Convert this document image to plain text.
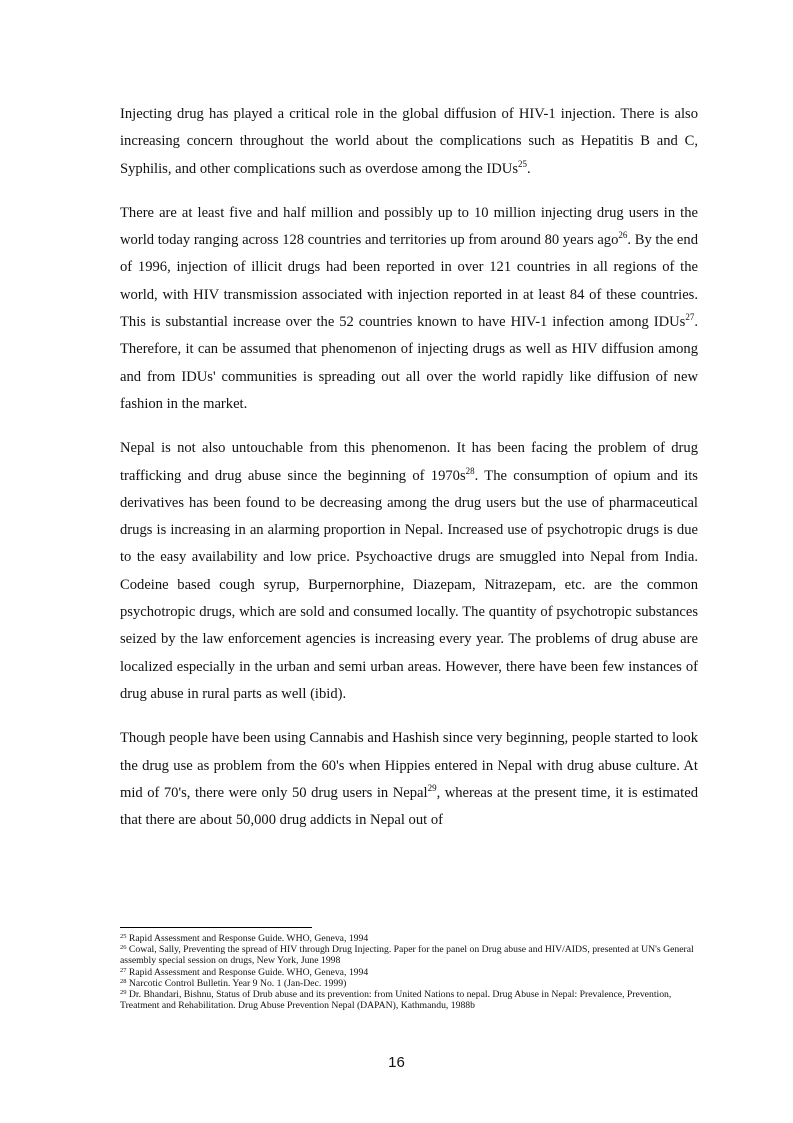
Injecting drug has played a critical role in the global diffusion of HIV-1 injection. There is also increasing concern throughout the world about the complications such as Hepatitis B and C, Syphilis, and other complications such as overdose among the IDUs$^{25}$.

There are at least five and half million and possibly up to 10 million injecting drug users in the world today ranging across 128 countries and territories up from around 80 years ago$^{26}$. By the end of 1996, injection of illicit drugs had been reported in over 121 countries in all regions of the world, with HIV transmission associated with injection reported in at least 84 of these countries. This is substantial increase over the 52 countries known to have HIV-1 infection among IDUs$^{27}$. Therefore, it can be assumed that phenomenon of injecting drugs as well as HIV diffusion among and from IDUs' communities is spreading out all over the world rapidly like diffusion of new fashion in the market.

Nepal is not also untouchable from this phenomenon. It has been facing the problem of drug trafficking and drug abuse since the beginning of $1970s^{28}$. The consumption of opium and its derivatives has been found to be decreasing among the drug users but the use of pharmaceutical drugs is increasing in an alarming proportion in Nepal. Increased use of psychotropic drugs is due to the easy availability and low price. Psychoactive drugs are smuggled into Nepal from India. Codeine based cough syrup, Burpernorphine, Diazepam, Nitrazepam, etc. are the common psychotropic drugs, which are sold and consumed locally. The quantity of psychotropic substances seized by the law enforcement agencies is increasing every year. The problems of drug abuse are localized especially in the urban and semi urban areas. However, there have been few instances of drug abuse in rural parts as well (ibid).

Though people have been using Cannabis and Hashish since very beginning, people started to look the drug use as problem from the 60's when Hippies entered in Nepal with drug abuse culture. At mid of 70's, there were only 50 drug users in Nepal$^{29}$, whereas at the present time, it is estimated that there are about 50,000 drug addicts in Nepal out of

$^{25}$ Rapid Assessment and Response Guide. WHO, Geneva, 1994

$^{26}$ Cowal, Sally, Preventing the spread of HIV through Drug Injecting. Paper for the panel on Drug abuse and HIV/AIDS, presented at UN's General assembly special session on drugs, New York, June 1998

$^{27}$ Rapid Assessment and Response Guide. WHO, Geneva, 1994

$^{28}$ Narcotic Control Bulletin. Year 9 No. 1 (Jan-Dec. 1999)

$^{29}$ Dr. Bhandari, Bishnu, Status of Drub abuse and its prevention: from United Nations to nepal. Drug Abuse in Nepal: Prevalence, Prevention, Treatment and Rehabilitation. Drug Abuse Prevention Nepal (DAPAN), Kathmandu, 1988b

16
